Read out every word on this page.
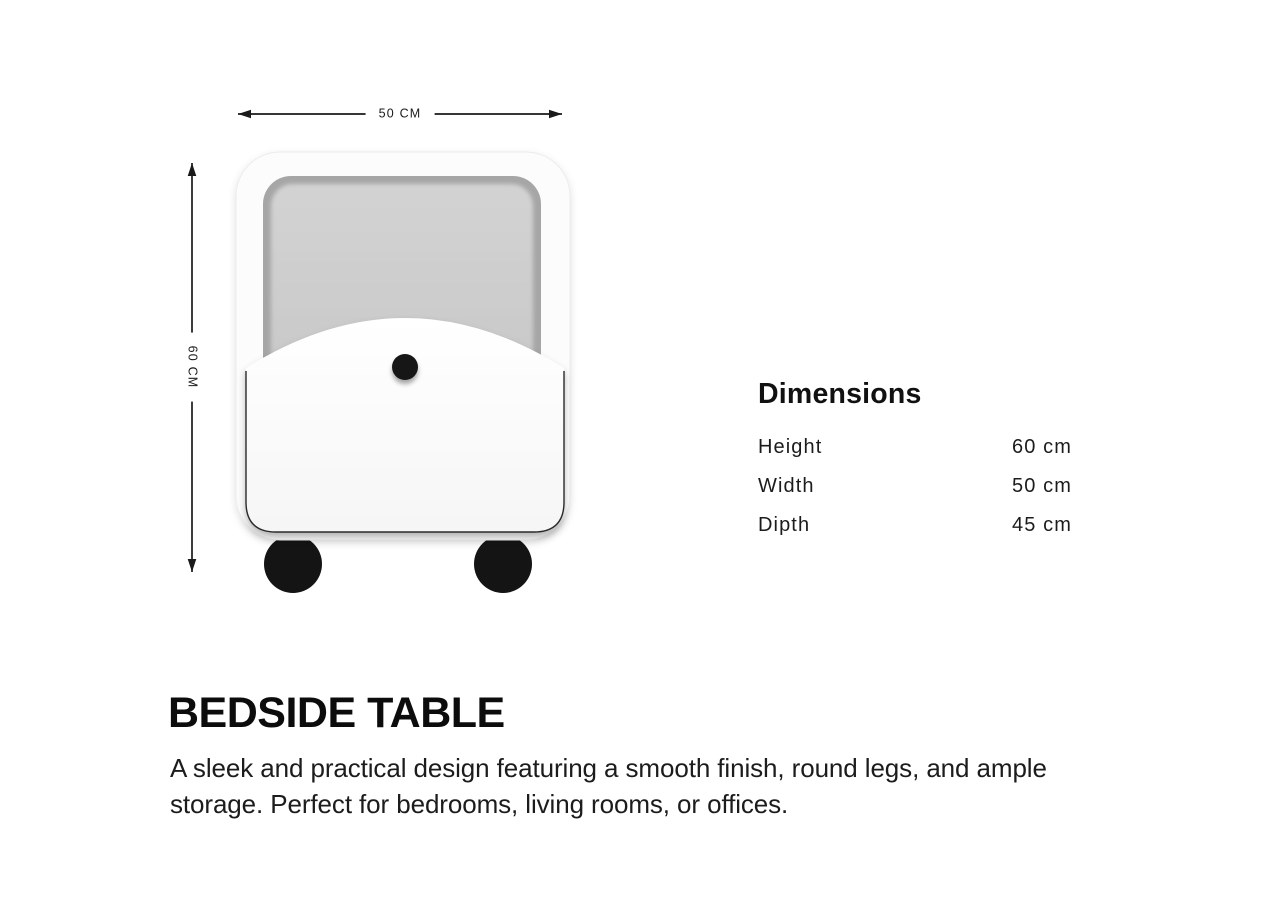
50 CM
60 CM
Dimensions
Height	60 cm
Width	50 cm
Dipth	45 cm
BEDSIDE TABLE

A sleek and practical design featuring a smooth finish, round legs, and ample storage. Perfect for bedrooms, living rooms, or offices.
